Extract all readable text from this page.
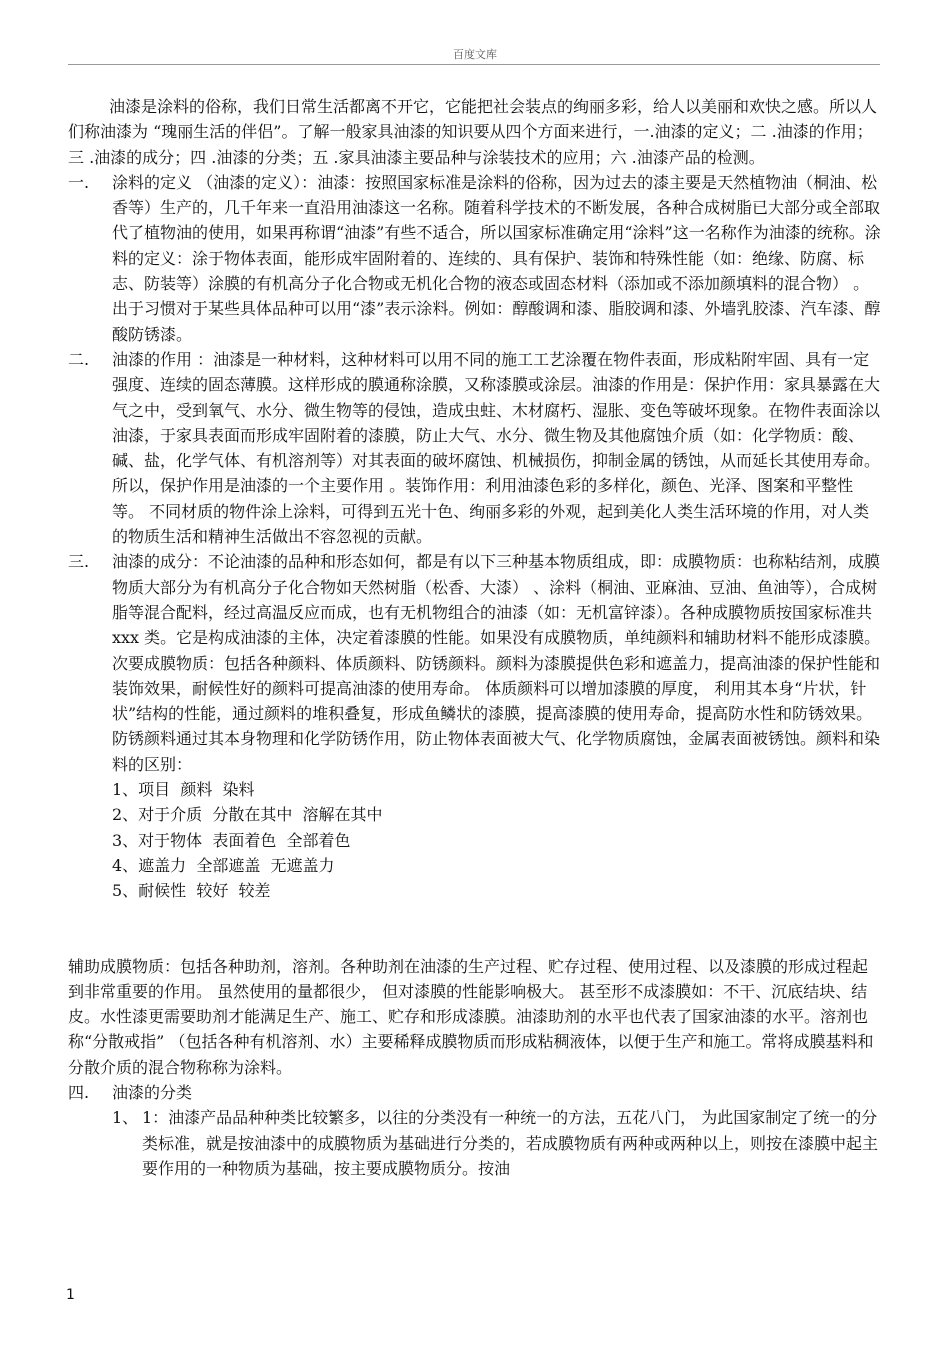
百度文库

油漆是涂料的俗称，我们日常生活都离不开它，它能把社会装点的绚丽多彩，给人以美丽和欢快之感。所以人们称油漆为 “瑰丽生活的伴侣”。了解一般家具油漆的知识要从四个方面来进行，一.油漆的定义；二 .油漆的作用；三 .油漆的成分；四 .油漆的分类；五 .家具油漆主要品种与涂装技术的应用；六 .油漆产品的检测。

一. 涂料的定义 （油漆的定义）：油漆：按照国家标准是涂料的俗称，因为过去的漆主要是天然植物油（桐油、松香等）生产的，几千年来一直沿用油漆这一名称。随着科学技术的不断发展，各种合成树脂已大部分或全部取代了植物油的使用，如果再称谓“油漆”有些不适合，所以国家标准确定用“涂料”这一名称作为油漆的统称。涂料的定义：涂于物体表面，能形成牢固附着的、连续的、具有保护、装饰和特殊性能（如：绝缘、防腐、标志、防装等）涂膜的有机高分子化合物或无机化合物的液态或固态材料（添加或不添加颜填料的混合物） 。出于习惯对于某些具体品种可以用“漆”表示涂料。例如：醇酸调和漆、脂胶调和漆、外墙乳胶漆、汽车漆、醇酸防锈漆。
二. 油漆的作用 ：油漆是一种材料，这种材料可以用不同的施工工艺涂覆在物件表面，形成粘附牢固、具有一定强度、连续的固态薄膜。这样形成的膜通称涂膜，又称漆膜或涂层。油漆的作用是：保护作用：家具暴露在大气之中，受到氧气、水分、微生物等的侵蚀，造成虫蛀、木材腐朽、湿胀、变色等破坏现象。在物件表面涂以油漆，于家具表面而形成牢固附着的漆膜，防止大气、水分、微生物及其他腐蚀介质（如：化学物质：酸、碱、盐，化学气体、有机溶剂等）对其表面的破坏腐蚀、机械损伤，抑制金属的锈蚀，从而延长其使用寿命。所以，保护作用是油漆的一个主要作用 。装饰作用：利用油漆色彩的多样化，颜色、光泽、图案和平整性等。 不同材质的物件涂上涂料，可得到五光十色、绚丽多彩的外观，起到美化人类生活环境的作用，对人类的物质生活和精神生活做出不容忽视的贡献。
三. 油漆的成分：不论油漆的品种和形态如何，都是有以下三种基本物质组成，即：成膜物质：也称粘结剂，成膜物质大部分为有机高分子化合物如天然树脂（松香、大漆） 、涂料（桐油、亚麻油、豆油、鱼油等），合成树脂等混合配料，经过高温反应而成，也有无机物组合的油漆（如：无机富锌漆）。各种成膜物质按国家标准共 xxx 类。它是构成油漆的主体，决定着漆膜的性能。如果没有成膜物质，单纯颜料和辅助材料不能形成漆膜。次要成膜物质：包括各种颜料、体质颜料、防锈颜料。颜料为漆膜提供色彩和遮盖力，提高油漆的保护性能和装饰效果，耐候性好的颜料可提高油漆的使用寿命。 体质颜料可以增加漆膜的厚度， 利用其本身“片状，针状”结构的性能，通过颜料的堆积叠复，形成鱼鳞状的漆膜，提高漆膜的使用寿命，提高防水性和防锈效果。防锈颜料通过其本身物理和化学防锈作用，防止物体表面被大气、化学物质腐蚀，金属表面被锈蚀。颜料和染料的区别：
1、项目  颜料  染料
2、对于介质  分散在其中  溶解在其中
3、对于物体  表面着色  全部着色
4、遮盖力  全部遮盖  无遮盖力
5、耐候性  较好  较差

辅助成膜物质：包括各种助剂，溶剂。各种助剂在油漆的生产过程、贮存过程、使用过程、以及漆膜的形成过程起到非常重要的作用。 虽然使用的量都很少， 但对漆膜的性能影响极大。 甚至形不成漆膜如：不干、沉底结块、结皮。水性漆更需要助剂才能满足生产、施工、贮存和形成漆膜。油漆助剂的水平也代表了国家油漆的水平。溶剂也称“分散戒指” （包括各种有机溶剂、水）主要稀释成膜物质而形成粘稠液体，以便于生产和施工。常将成膜基料和分散介质的混合物称称为涂料。

四. 油漆的分类
1、 1：油漆产品品种种类比较繁多，以往的分类没有一种统一的方法，五花八门， 为此国家制定了统一的分类标准，就是按油漆中的成膜物质为基础进行分类的，若成膜物质有两种或两种以上，则按在漆膜中起主要作用的一种物质为基础，按主要成膜物质分。按油
1
